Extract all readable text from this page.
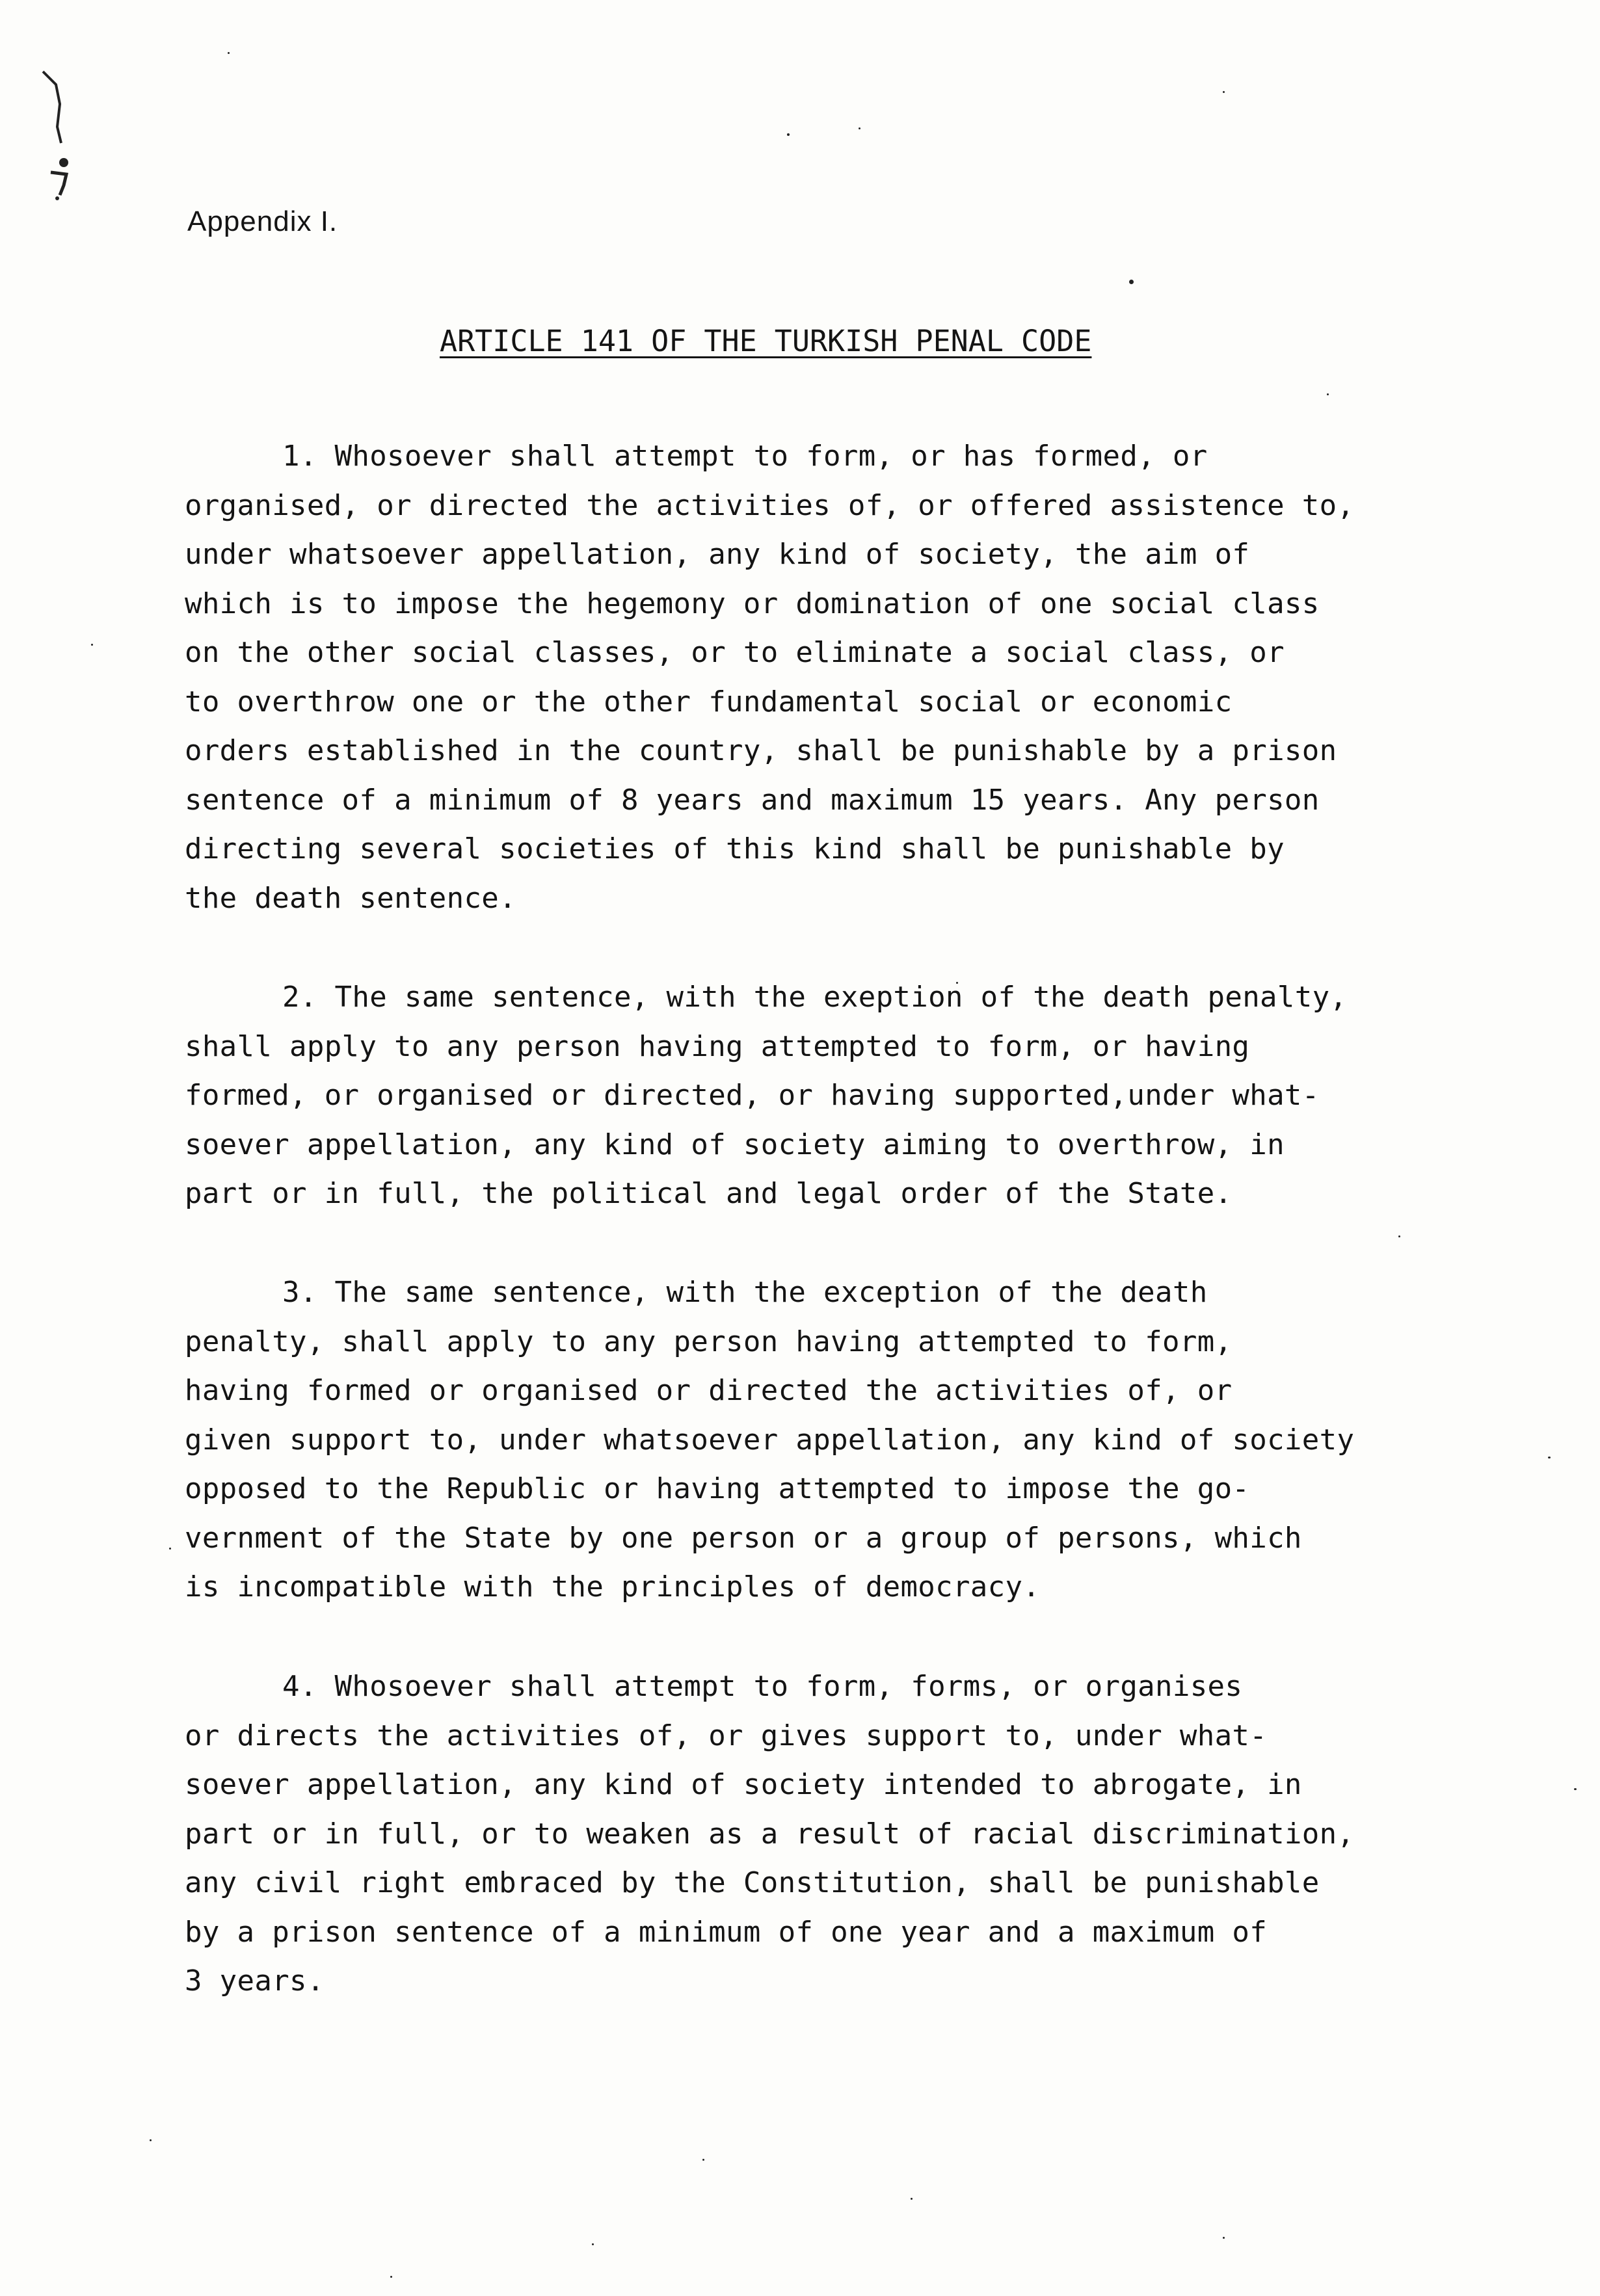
Appendix I.
ARTICLE 141 OF THE TURKISH PENAL CODE
1. Whosoever shall attempt to form, or has formed, or
organised, or directed the activities of, or offered assistence to,
under whatsoever appellation, any kind of society, the aim of
which is to impose the hegemony or domination of one social class
on the other social classes, or to eliminate a social class, or
to overthrow one or the other fundamental social or economic
orders established in the country, shall be punishable by a prison
sentence of a minimum of 8 years and maximum 15 years. Any person
directing several societies of this kind shall be punishable by
the death sentence.
2. The same sentence, with the exeption of the death penalty,
shall apply to any person having attempted to form, or having
formed, or organised or directed, or having supported,under what-
soever appellation, any kind of society aiming to overthrow, in
part or in full, the political and legal order of the State.
3. The same sentence, with the exception of the death
penalty, shall apply to any person having attempted to form,
having formed or organised or directed the activities of, or
given support to, under whatsoever appellation, any kind of society
opposed to the Republic or having attempted to impose the go-
vernment of the State by one person or a group of persons, which
is incompatible with the principles of democracy.
4. Whosoever shall attempt to form, forms, or organises
or directs the activities of, or gives support to, under what-
soever appellation, any kind of society intended to abrogate, in
part or in full, or to weaken as a result of racial discrimination,
any civil right embraced by the Constitution, shall be punishable
by a prison sentence of a minimum of one year and a maximum of
3 years.
